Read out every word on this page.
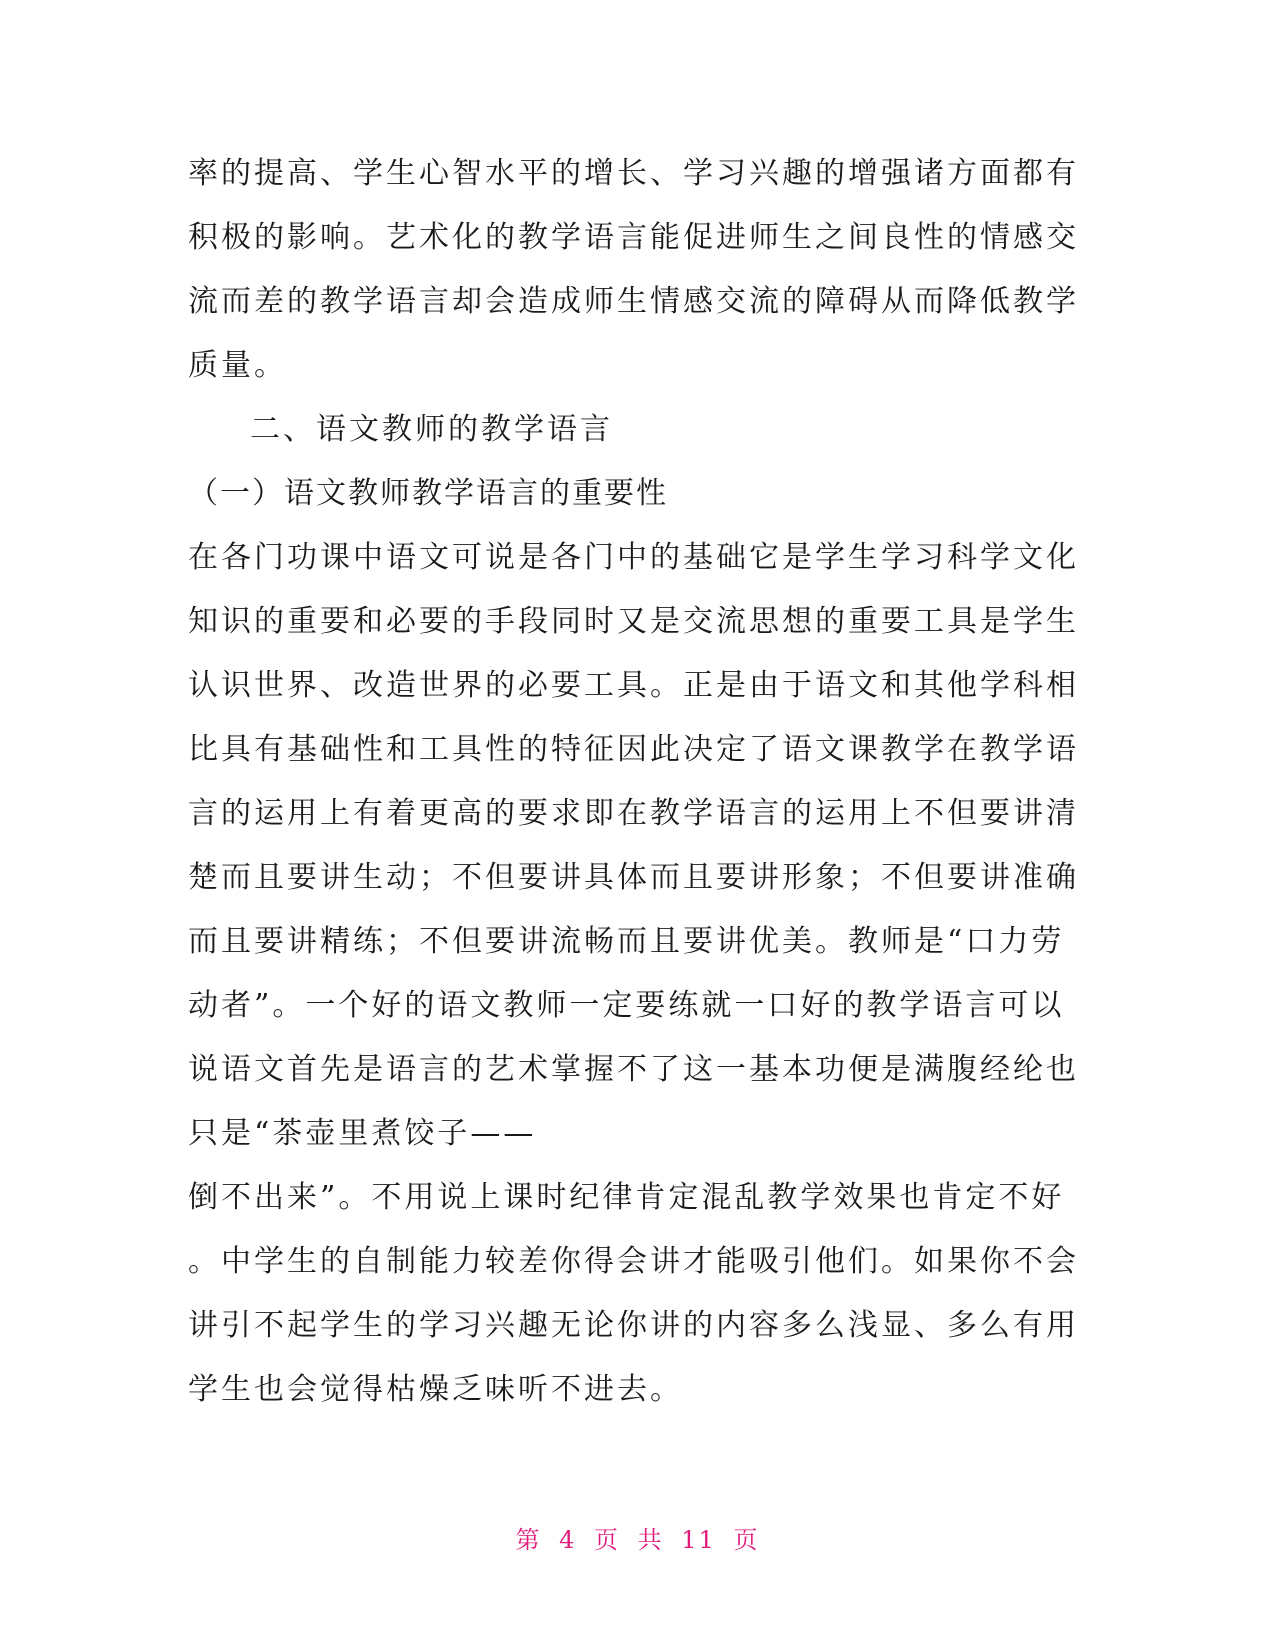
率的提高、学生心智水平的增长、学习兴趣的增强诸方面都有
积极的影响。艺术化的教学语言能促进师生之间良性的情感交
流而差的教学语言却会造成师生情感交流的障碍从而降低教学
质量。
二、语文教师的教学语言
（一）语文教师教学语言的重要性
在各门功课中语文可说是各门中的基础它是学生学习科学文化
知识的重要和必要的手段同时又是交流思想的重要工具是学生
认识世界、改造世界的必要工具。正是由于语文和其他学科相
比具有基础性和工具性的特征因此决定了语文课教学在教学语
言的运用上有着更高的要求即在教学语言的运用上不但要讲清
楚而且要讲生动；不但要讲具体而且要讲形象；不但要讲准确
而且要讲精练；不但要讲流畅而且要讲优美。教师是“口力劳
动者”。一个好的语文教师一定要练就一口好的教学语言可以
说语文首先是语言的艺术掌握不了这一基本功便是满腹经纶也
只是“茶壶里煮饺子——
倒不出来”。不用说上课时纪律肯定混乱教学效果也肯定不好
。中学生的自制能力较差你得会讲才能吸引他们。如果你不会
讲引不起学生的学习兴趣无论你讲的内容多么浅显、多么有用
学生也会觉得枯燥乏味听不进去。
第 4 页 共 11 页
